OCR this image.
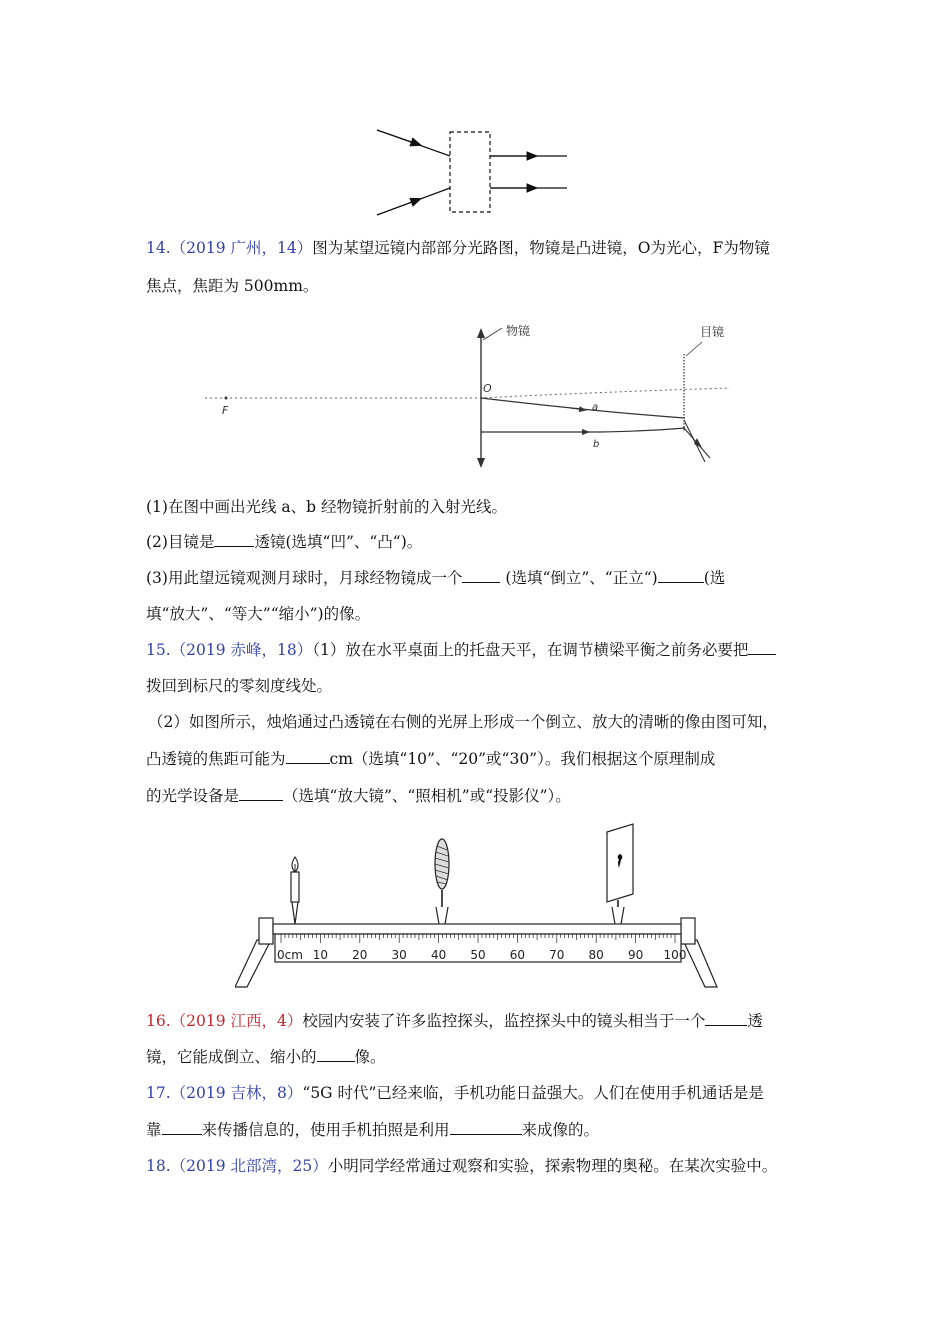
14.（2019 广州，14）图为某望远镜内部部分光路图，物镜是凸进镜，O为光心，F为物镜
焦点，焦距为 500mm。
F
物镜
O
a
b
目镜
(1)在图中画出光线 a、b 经物镜折射前的入射光线。
(2)目镜是	透镜(选填“凹”、“凸“)。
(3)用此望远镜观测月球时，月球经物镜成一个 (选填“倒立”、“正立“)	(选
填“放大”、“等大”“缩小”)的像。
15.（2019 赤峰，18）（1）放在水平桌面上的托盘天平，在调节横梁平衡之前务必要把
拨回到标尺的零刻度线处。
（2）如图所示，烛焰通过凸透镜在右侧的光屏上形成一个倒立、放大的清晰的像由图可知，
凸透镜的焦距可能为	cm（选填“10”、“20”或“30”）。我们根据这个原理制成
的光学设备是	（选填“放大镜”、“照相机”或“投影仪”）。
0cm 10 20 30 40 50 60 70 80 90 100
16.（2019 江西，4）校园内安装了许多监控探头，监控探头中的镜头相当于一个	透
镜，它能成倒立、缩小的 像。
17.（2019 吉林，8）“5G 时代”已经来临，手机功能日益强大。人们在使用手机通话是是
靠	来传播信息的，使用手机拍照是利用	来成像的。
18.（2019 北部湾，25）小明同学经常通过观察和实验，探索物理的奥秘。在某次实验中。
